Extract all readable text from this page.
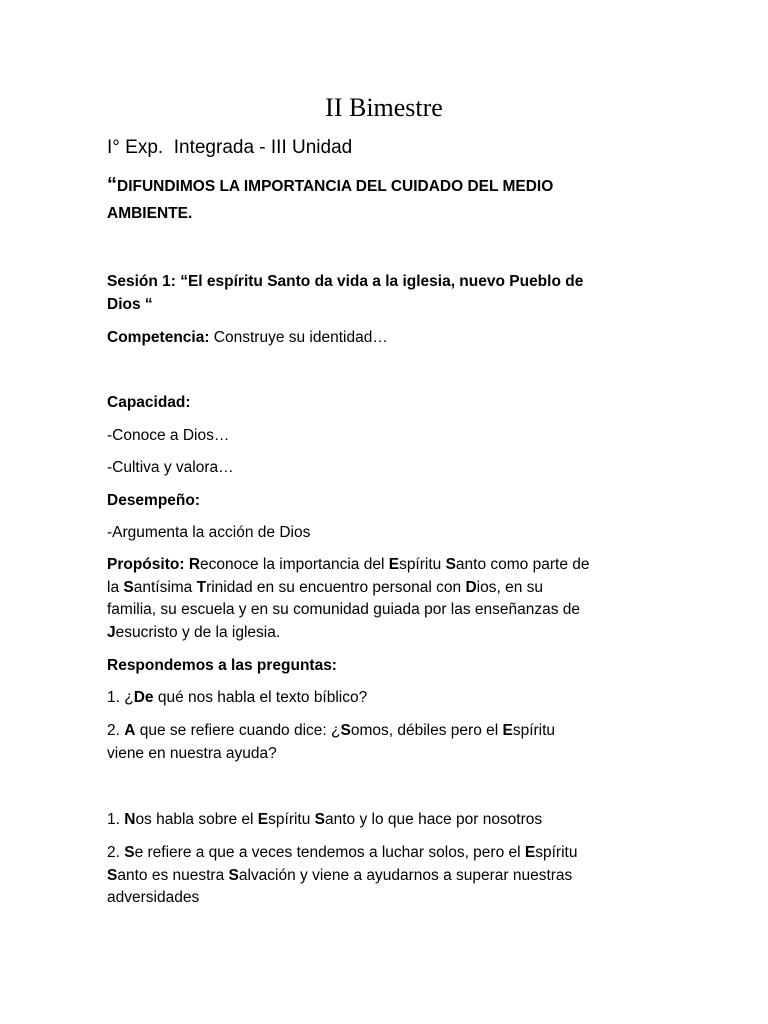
II Bimestre

I° Exp.  Integrada - III Unidad

“DIFUNDIMOS LA IMPORTANCIA DEL CUIDADO DEL MEDIO
AMBIENTE.
Sesión 1: “El espíritu Santo da vida a la iglesia, nuevo Pueblo de
Dios “

Competencia: Construye su identidad…

Capacidad:

-Conoce a Dios…

-Cultiva y valora…

Desempeño:

-Argumenta la acción de Dios

Propósito: Reconoce la importancia del Espíritu Santo como parte de
la Santísima Trinidad en su encuentro personal con Dios, en su
familia, su escuela y en su comunidad guiada por las enseñanzas de
Jesucristo y de la iglesia.

Respondemos a las preguntas:

1. ¿De qué nos habla el texto bíblico?

2. A que se refiere cuando dice: ¿Somos, débiles pero el Espíritu
viene en nuestra ayuda?

1. Nos habla sobre el Espíritu Santo y lo que hace por nosotros

2. Se refiere a que a veces tendemos a luchar solos, pero el Espíritu
Santo es nuestra Salvación y viene a ayudarnos a superar nuestras
adversidades
